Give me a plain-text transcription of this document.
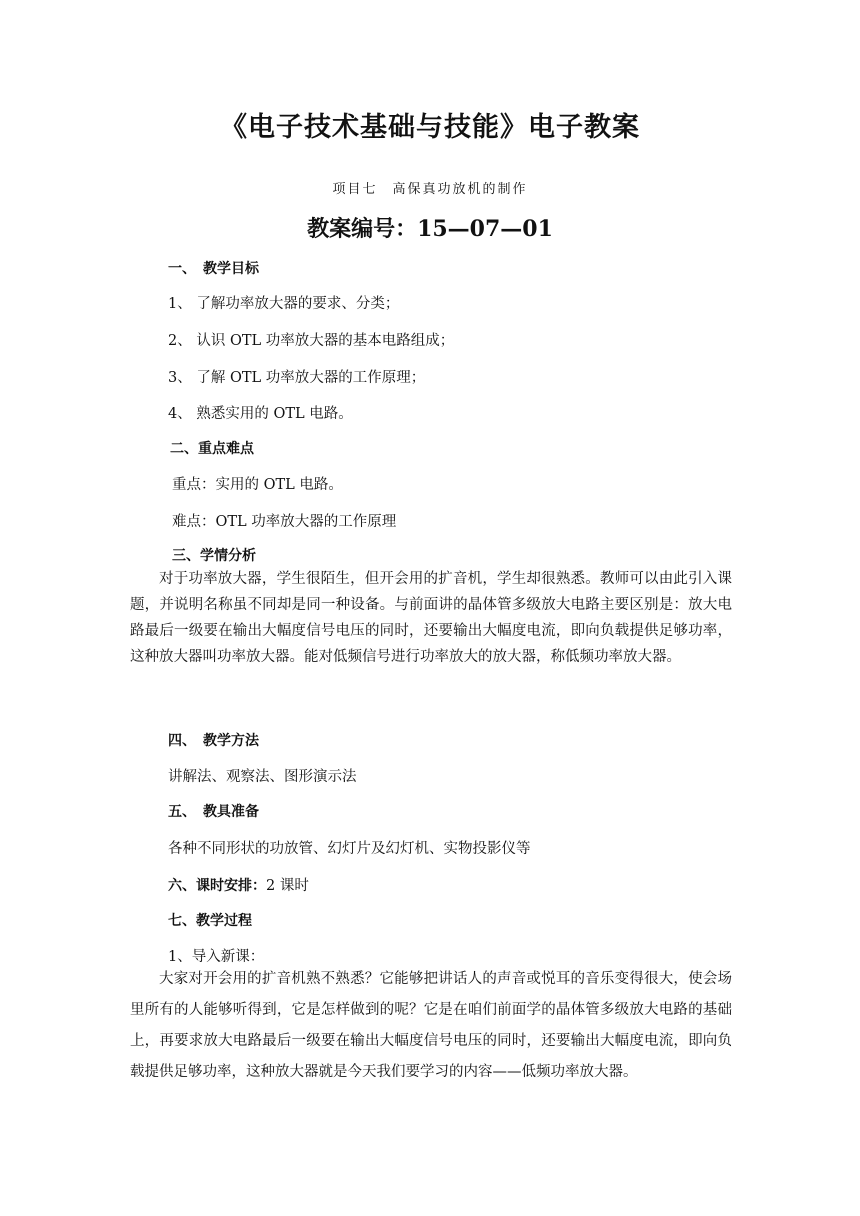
《电子技术基础与技能》电子教案
项目七　高保真功放机的制作
教案编号：15—07—01
一、　教学目标
1、 了解功率放大器的要求、分类；
2、 认识 OTL 功率放大器的基本电路组成；
3、 了解 OTL 功率放大器的工作原理；
4、 熟悉实用的 OTL 电路。
二、重点难点
重点：实用的 OTL 电路。
难点：OTL 功率放大器的工作原理
三、学情分析
对于功率放大器，学生很陌生，但开会用的扩音机，学生却很熟悉。教师可以由此引入课题，并说明名称虽不同却是同一种设备。与前面讲的晶体管多级放大电路主要区别是：放大电路最后一级要在输出大幅度信号电压的同时，还要输出大幅度电流，即向负载提供足够功率，这种放大器叫功率放大器。能对低频信号进行功率放大的放大器，称低频功率放大器。
四、　教学方法
讲解法、观察法、图形演示法
五、　教具准备
各种不同形状的功放管、幻灯片及幻灯机、实物投影仪等
六、课时安排：2 课时
七、教学过程
1、导入新课：
大家对开会用的扩音机熟不熟悉？它能够把讲话人的声音或悦耳的音乐变得很大，使会场里所有的人能够听得到，它是怎样做到的呢？它是在咱们前面学的晶体管多级放大电路的基础上，再要求放大电路最后一级要在输出大幅度信号电压的同时，还要输出大幅度电流，即向负载提供足够功率，这种放大器就是今天我们要学习的内容——低频功率放大器。
